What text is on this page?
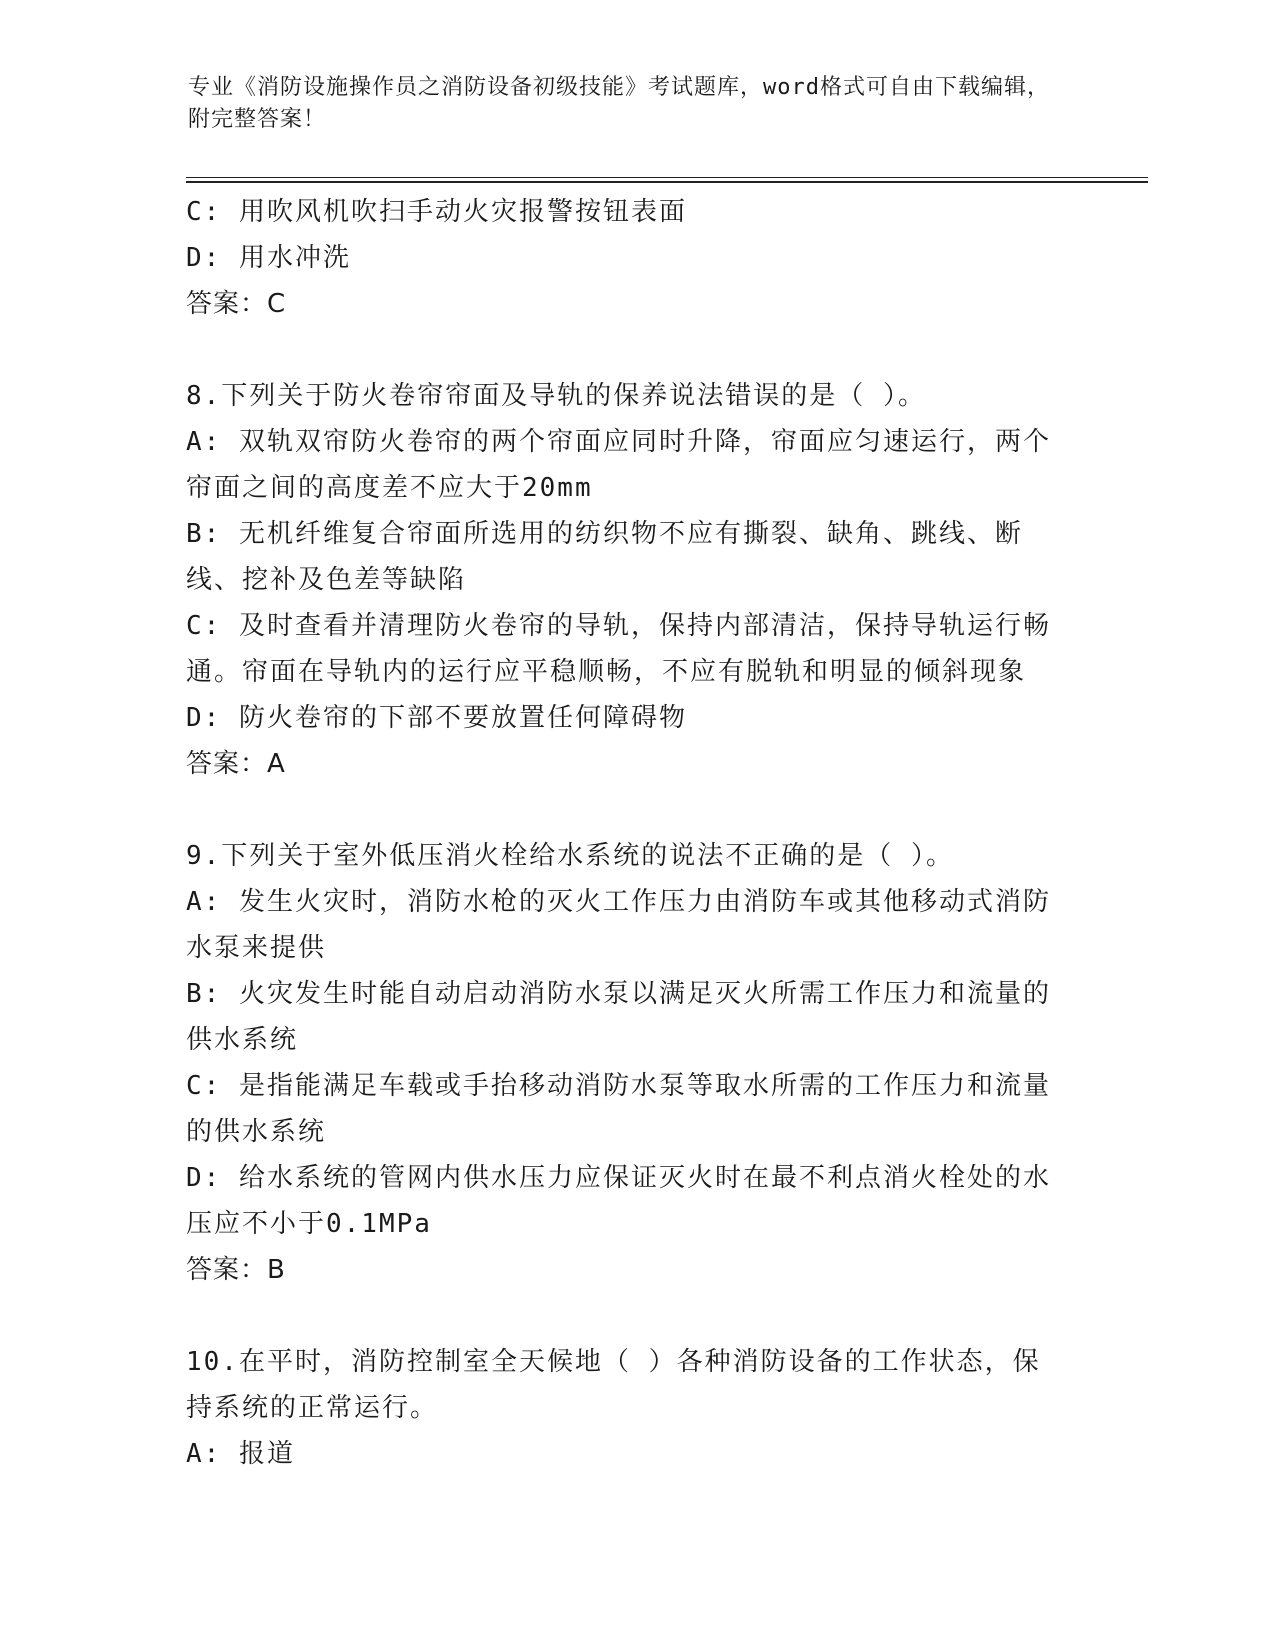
专业《消防设施操作员之消防设备初级技能》考试题库，word格式可自由下载编辑，附完整答案！
C: 用吹风机吹扫手动火灾报警按钮表面
D: 用水冲洗
答案：C
8.下列关于防火卷帘帘面及导轨的保养说法错误的是（ ）。
A: 双轨双帘防火卷帘的两个帘面应同时升降，帘面应匀速运行，两个帘面之间的高度差不应大于20mm
B: 无机纤维复合帘面所选用的纺织物不应有撕裂、缺角、跳线、断线、挖补及色差等缺陷
C: 及时查看并清理防火卷帘的导轨，保持内部清洁，保持导轨运行畅通。帘面在导轨内的运行应平稳顺畅，不应有脱轨和明显的倾斜现象
D: 防火卷帘的下部不要放置任何障碍物
答案：A
9.下列关于室外低压消火栓给水系统的说法不正确的是（ ）。
A: 发生火灾时，消防水枪的灭火工作压力由消防车或其他移动式消防水泵来提供
B: 火灾发生时能自动启动消防水泵以满足灭火所需工作压力和流量的供水系统
C: 是指能满足车载或手抬移动消防水泵等取水所需的工作压力和流量的供水系统
D: 给水系统的管网内供水压力应保证灭火时在最不利点消火栓处的水压应不小于0.1MPa
答案：B
10.在平时，消防控制室全天候地（ ）各种消防设备的工作状态，保持系统的正常运行。
A: 报道
